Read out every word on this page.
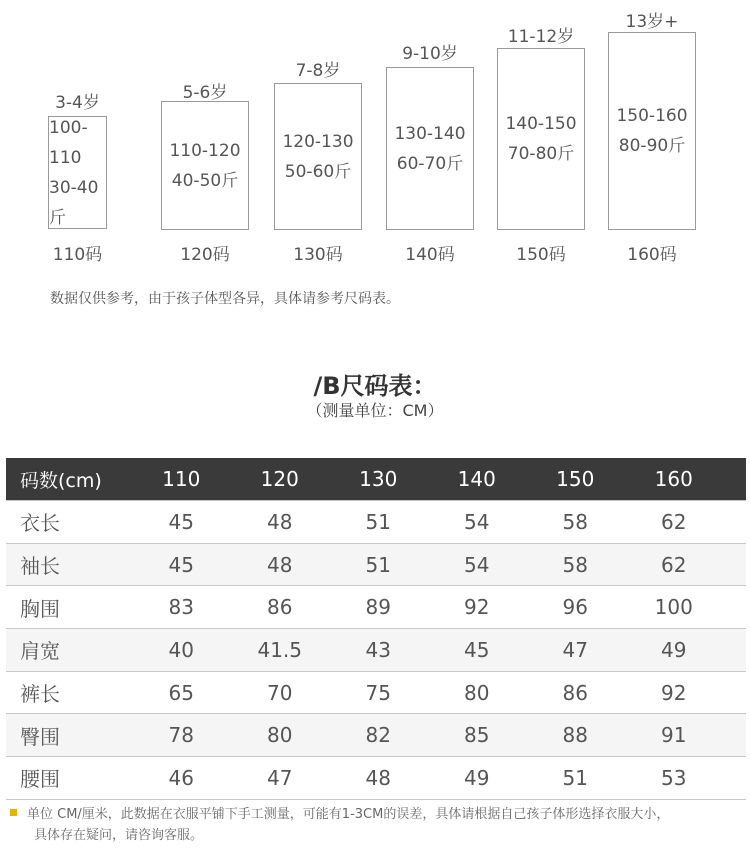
3-4岁
100-110
30-40斤
110码
5-6岁
110-120
40-50斤
120码
7-8岁
120-130
50-60斤
130码
9-10岁
130-140
60-70斤
140码
11-12岁
140-150
70-80斤
150码
13岁+
150-160
80-90斤
160码
数据仅供参考，由于孩子体型各异，具体请参考尺码表。
/B尺码表：
（测量单位：CM）
码数(cm)	110	120	130	140	150	160
衣长	45	48	51	54	58	62
袖长	45	48	51	54	58	62
胸围	83	86	89	92	96	100
肩宽	40	41.5	43	45	47	49
裤长	65	70	75	80	86	92
臀围	78	80	82	85	88	91
腰围	46	47	48	49	51	53
单位 CM/厘米，此数据在衣服平铺下手工测量，可能有1-3CM的误差，具体请根据自己孩子体形选择衣服大小，
具体存在疑问，请咨询客服。
